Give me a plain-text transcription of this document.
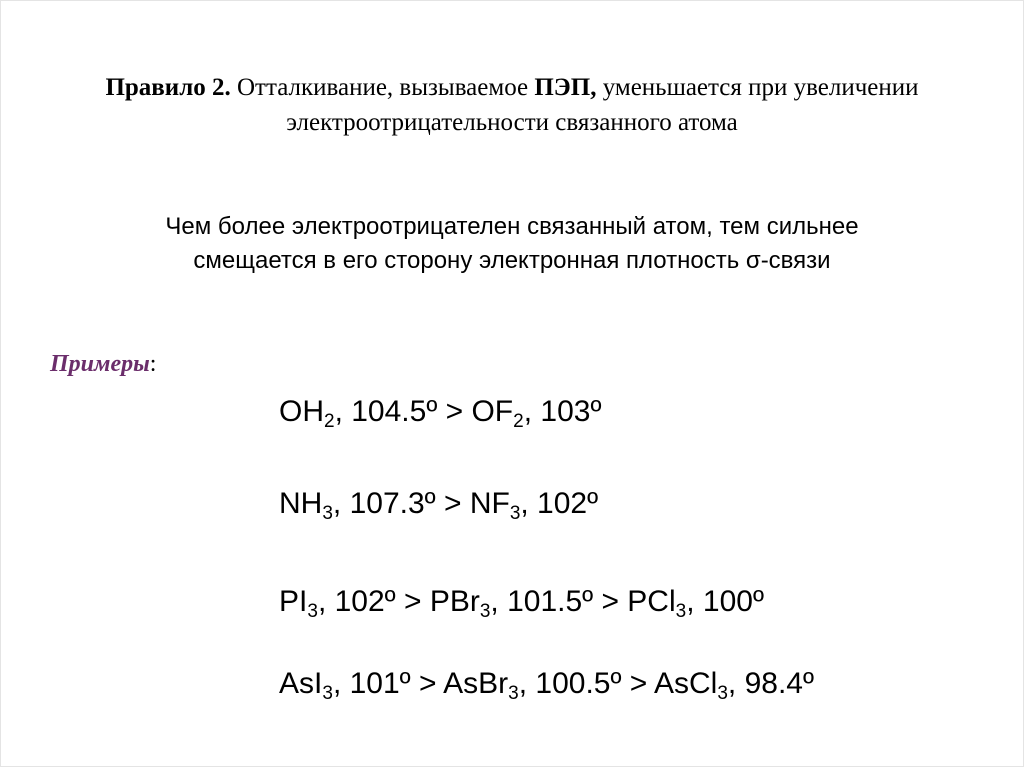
Правило 2. Отталкивание, вызываемое ПЭП, уменьшается при увеличении
электроотрицательности связанного атома

Чем более электроотрицателен связанный атом, тем сильнее
смещается в его сторону электронная плотность σ-связи

Примеры:
$OH_2$, 104.5º > $OF_2$, 103º
$NH_3$, 107.3º > $NF_3$, 102º
$PI_3$, 102º > PBr$_3$, 101.5º > PCl$_3$, 100º
AsI$_3$, 101º > AsBr$_3$, 100.5º > AsCl$_3$, 98.4º
